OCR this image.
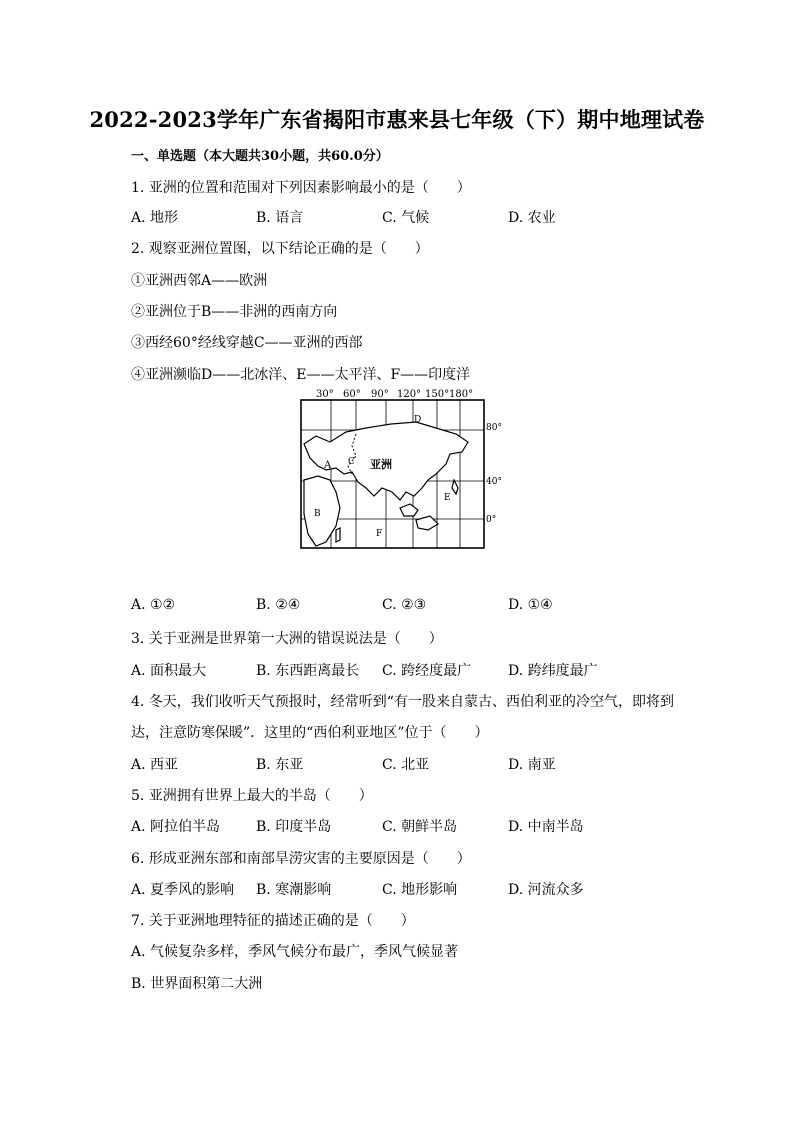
2022-2023学年广东省揭阳市惠来县七年级（下）期中地理试卷
一、单选题（本大题共30小题，共60.0分）
1. 亚洲的位置和范围对下列因素影响最小的是（　　）
A. 地形	B. 语言	C. 气候	D. 农业
2. 观察亚洲位置图，以下结论正确的是（　　）
①亚洲西邻A——欧洲
②亚洲位于B——非洲的西南方向
③西经60°经线穿越C——亚洲的西部
④亚洲濒临D——北冰洋、E——太平洋、F——印度洋
30° 60° 90° 120° 150° 180°
80°
40°
0°
亚洲
A
B
C
D
E
F
A. ①②	B. ②④	C. ②③	D. ①④
3. 关于亚洲是世界第一大洲的错误说法是（　　）
A. 面积最大	B. 东西距离最长 C. 跨经度最广	D. 跨纬度最广
4. 冬天，我们收听天气预报时，经常听到“有一股来自蒙古、西伯利亚的冷空气，即将到
达，注意防寒保暖”．这里的“西伯利亚地区”位于（　　）
A. 西亚	B. 东亚	C. 北亚	D. 南亚
5. 亚洲拥有世界上最大的半岛（　　）
A. 阿拉伯半岛	B. 印度半岛	C. 朝鲜半岛	D. 中南半岛
6. 形成亚洲东部和南部旱涝灾害的主要原因是（　　）
A. 夏季风的影响 B. 寒潮影响	C. 地形影响	D. 河流众多
7. 关于亚洲地理特征的描述正确的是（　　）
A. 气候复杂多样，季风气候分布最广，季风气候显著
B. 世界面积第二大洲
